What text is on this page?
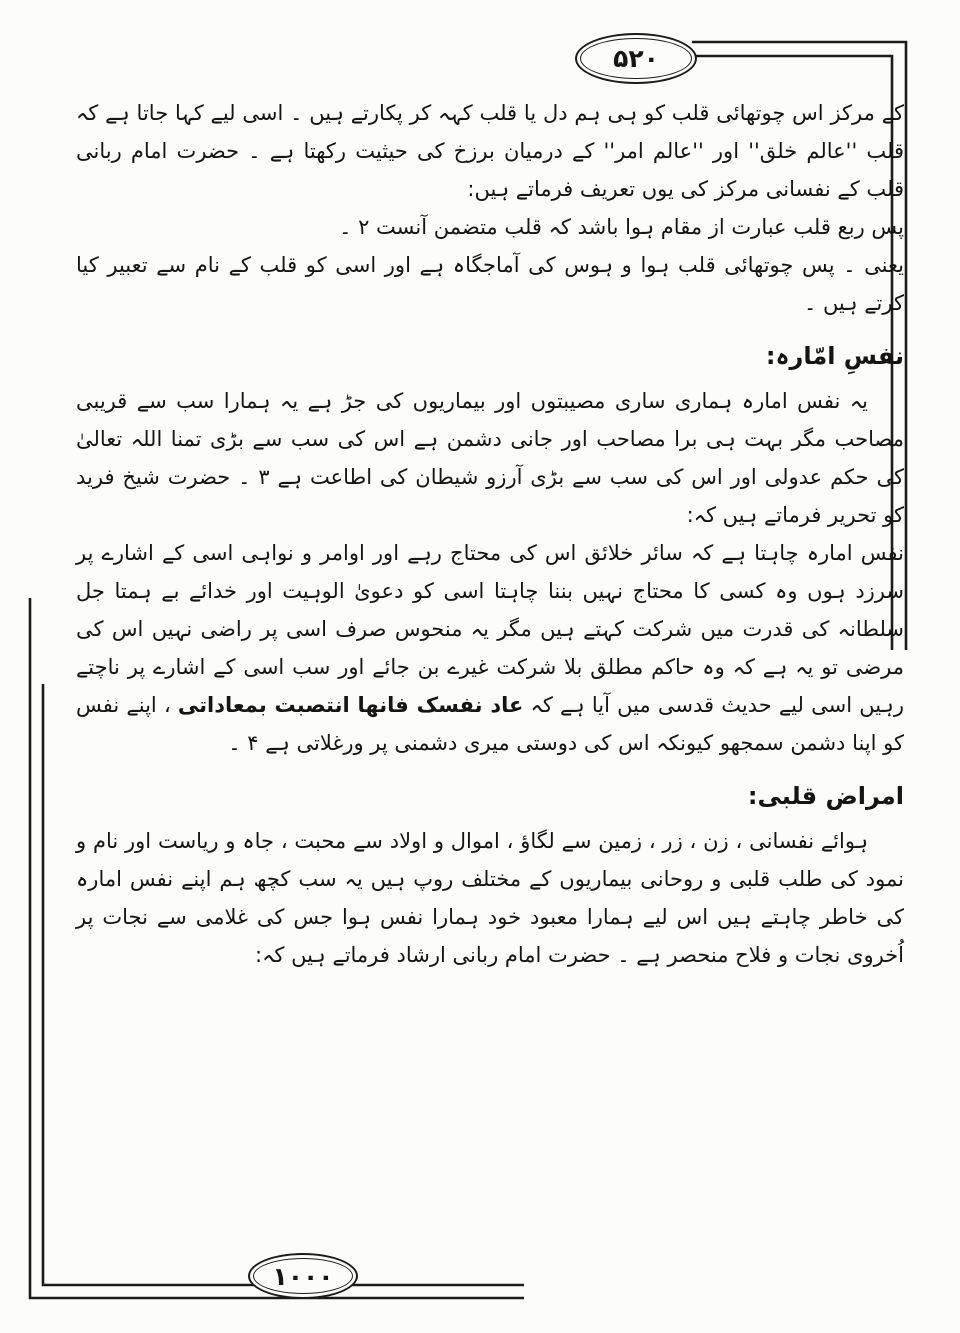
۵۲۰

کے مرکز اس چوتھائی قلب کو ہی ہم دل یا قلب کہہ کر پکارتے ہیں ۔ اسی لیے کہا جاتا ہے کہ قلب ''عالم خلق'' اور ''عالم امر'' کے درمیان برزخ کی حیثیت رکھتا ہے ۔ حضرت امام ربانی قلب کے نفسانی مرکز کی یوں تعریف فرماتے ہیں:

پس ربع قلب عبارت از مقام ہوا باشد کہ قلب متضمن آنست ۲ ۔

یعنی ۔ پس چوتھائی قلب ہوا و ہوس کی آماجگاہ ہے اور اسی کو قلب کے نام سے تعبیر کیا کرتے ہیں ۔

نفسِ امّارہ:

یہ نفس امارہ ہماری ساری مصیبتوں اور بیماریوں کی جڑ ہے یہ ہمارا سب سے قریبی مصاحب مگر بہت ہی برا مصاحب اور جانی دشمن ہے اس کی سب سے بڑی تمنا اللہ تعالیٰ کی حکم عدولی اور اس کی سب سے بڑی آرزو شیطان کی اطاعت ہے ۳ ۔ حضرت شیخ فرید کو تحریر فرماتے ہیں کہ:

نفس امارہ چاہتا ہے کہ سائر خلائق اس کی محتاج رہے اور اوامر و نواہی اسی کے اشارے پر سرزد ہوں وہ کسی کا محتاج نہیں بننا چاہتا اسی کو دعویٰ الوہیت اور خدائے بے ہمتا جل سلطانہ کی قدرت میں شرکت کہتے ہیں مگر یہ منحوس صرف اسی پر راضی نہیں اس کی مرضی تو یہ ہے کہ وہ حاکم مطلق بلا شرکت غیرے بن جائے اور سب اسی کے اشارے پر ناچتے رہیں اسی لیے حدیث قدسی میں آیا ہے کہ عاد نفسک فانھا انتصبت بمعاداتی ، اپنے نفس کو اپنا دشمن سمجھو کیونکہ اس کی دوستی میری دشمنی پر ورغلاتی ہے ۴ ۔

امراض قلبی:

ہوائے نفسانی ، زن ، زر ، زمین سے لگاؤ ، اموال و اولاد سے محبت ، جاہ و ریاست اور نام و نمود کی طلب قلبی و روحانی بیماریوں کے مختلف روپ ہیں یہ سب کچھ ہم اپنے نفس امارہ کی خاطر چاہتے ہیں اس لیے ہمارا معبود خود ہمارا نفس ہوا جس کی غلامی سے نجات پر اُخروی نجات و فلاح منحصر ہے ۔ حضرت امام ربانی ارشاد فرماتے ہیں کہ:

۱۰۰۰
